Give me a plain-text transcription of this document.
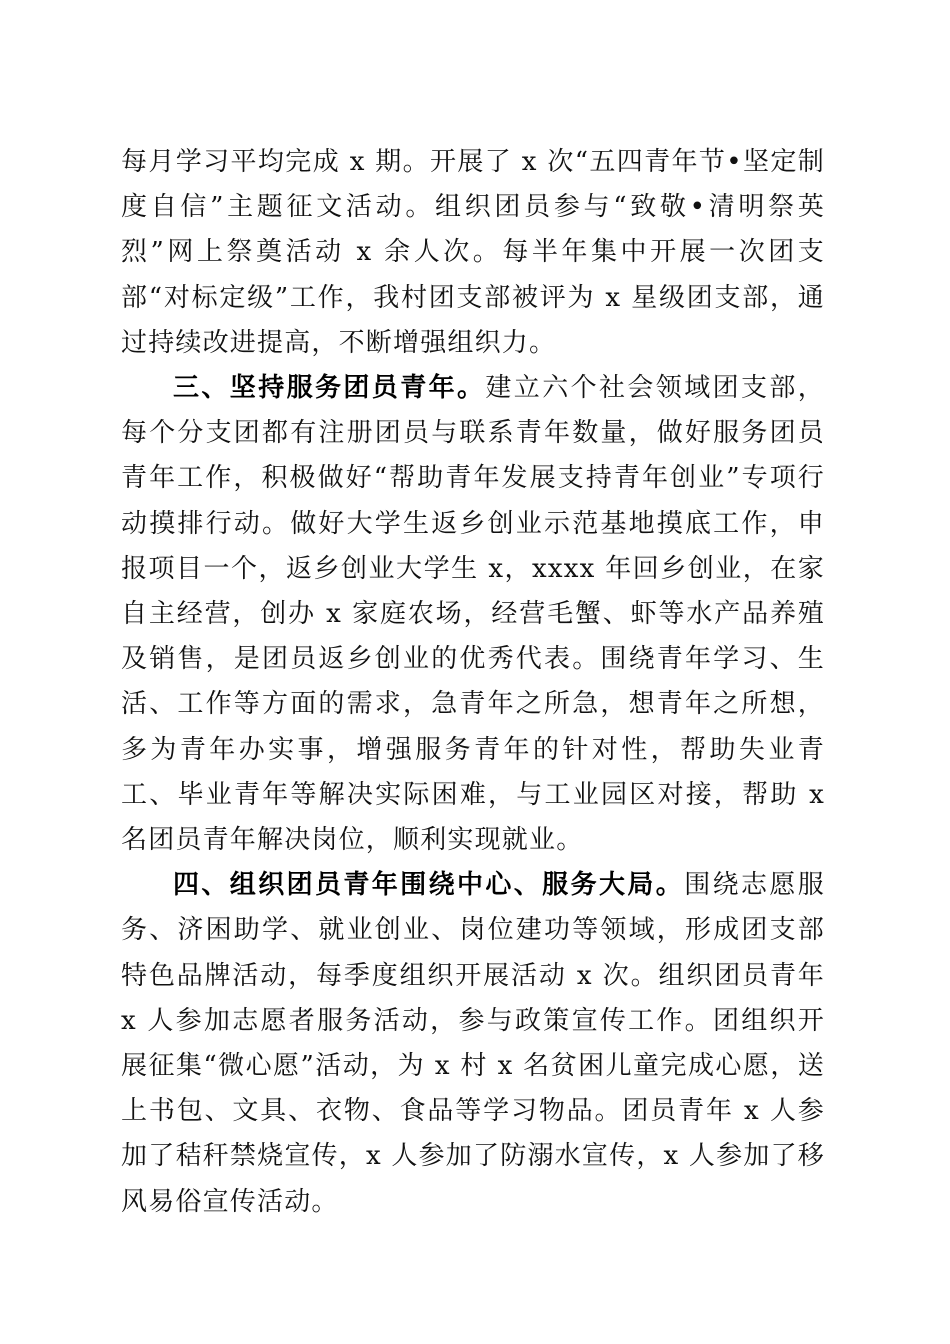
每月学习平均完成 x 期。开展了 x 次“五四青年节•坚定制度自信”主题征文活动。组织团员参与“致敬•清明祭英烈”网上祭奠活动 x 余人次。每半年集中开展一次团支部“对标定级”工作，我村团支部被评为 x 星级团支部，通过持续改进提高，不断增强组织力。

三、坚持服务团员青年。建立六个社会领域团支部，每个分支团都有注册团员与联系青年数量，做好服务团员青年工作，积极做好“帮助青年发展支持青年创业”专项行动摸排行动。做好大学生返乡创业示范基地摸底工作，申报项目一个，返乡创业大学生 x，xxxx 年回乡创业，在家自主经营，创办 x 家庭农场，经营毛蟹、虾等水产品养殖及销售，是团员返乡创业的优秀代表。围绕青年学习、生活、工作等方面的需求，急青年之所急，想青年之所想，多为青年办实事，增强服务青年的针对性，帮助失业青工、毕业青年等解决实际困难，与工业园区对接，帮助 x 名团员青年解决岗位，顺利实现就业。

四、组织团员青年围绕中心、服务大局。围绕志愿服务、济困助学、就业创业、岗位建功等领域，形成团支部特色品牌活动，每季度组织开展活动 x 次。组织团员青年 x 人参加志愿者服务活动，参与政策宣传工作。团组织开展征集“微心愿”活动，为 x 村 x 名贫困儿童完成心愿，送上书包、文具、衣物、食品等学习物品。团员青年 x 人参加了秸秆禁烧宣传，x 人参加了防溺水宣传，x 人参加了移风易俗宣传活动。
